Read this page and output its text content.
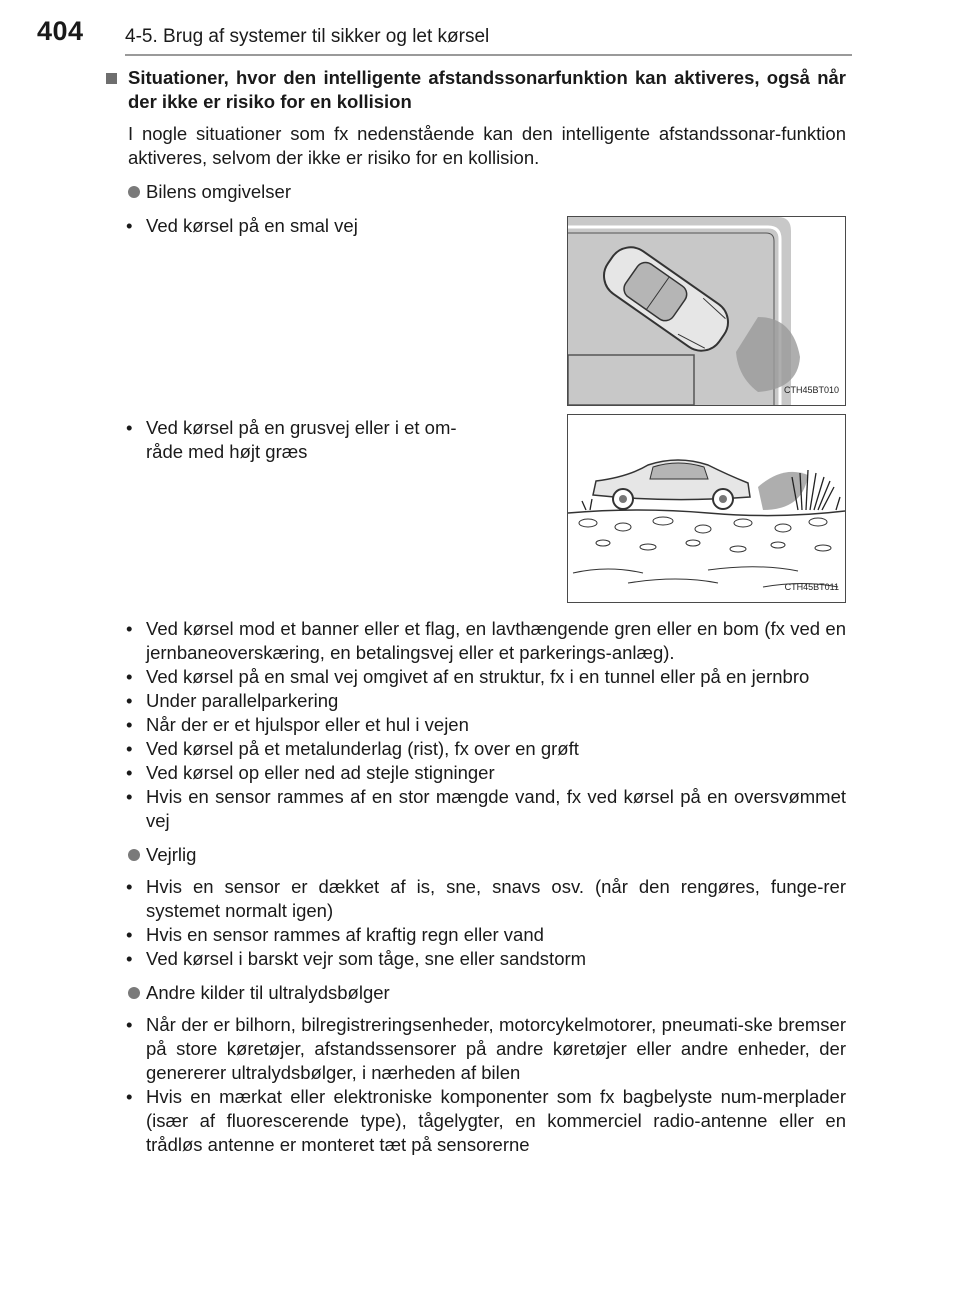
404 4-5. Brug af systemer til sikker og let kørsel
Situationer, hvor den intelligente afstandssonarfunktion kan aktiveres, også når der ikke er risiko for en kollision
I nogle situationer som fx nedenstående kan den intelligente afstandssonar-funktion aktiveres, selvom der ikke er risiko for en kollision.
Bilens omgivelser
• Ved kørsel på en smal vej
CTH45BT010
• Ved kørsel på en grusvej eller i et om-råde med højt græs
CTH45BT011
• Ved kørsel mod et banner eller et flag, en lavthængende gren eller en bom (fx ved en jernbaneoverskæring, en betalingsvej eller et parkerings-anlæg).
• Ved kørsel på en smal vej omgivet af en struktur, fx i en tunnel eller på en jernbro
• Under parallelparkering
• Når der er et hjulspor eller et hul i vejen
• Ved kørsel på et metalunderlag (rist), fx over en grøft
• Ved kørsel op eller ned ad stejle stigninger
• Hvis en sensor rammes af en stor mængde vand, fx ved kørsel på en oversvømmet vej
Vejrlig
• Hvis en sensor er dækket af is, sne, snavs osv. (når den rengøres, funge-rer systemet normalt igen)
• Hvis en sensor rammes af kraftig regn eller vand
• Ved kørsel i barskt vejr som tåge, sne eller sandstorm
Andre kilder til ultralydsbølger
• Når der er bilhorn, bilregistreringsenheder, motorcykelmotorer, pneumati-ske bremser på store køretøjer, afstandssensorer på andre køretøjer eller andre enheder, der genererer ultralydsbølger, i nærheden af bilen
• Hvis en mærkat eller elektroniske komponenter som fx bagbelyste num-merplader (især af fluorescerende type), tågelygter, en kommerciel radio-antenne eller en trådløs antenne er monteret tæt på sensorerne
